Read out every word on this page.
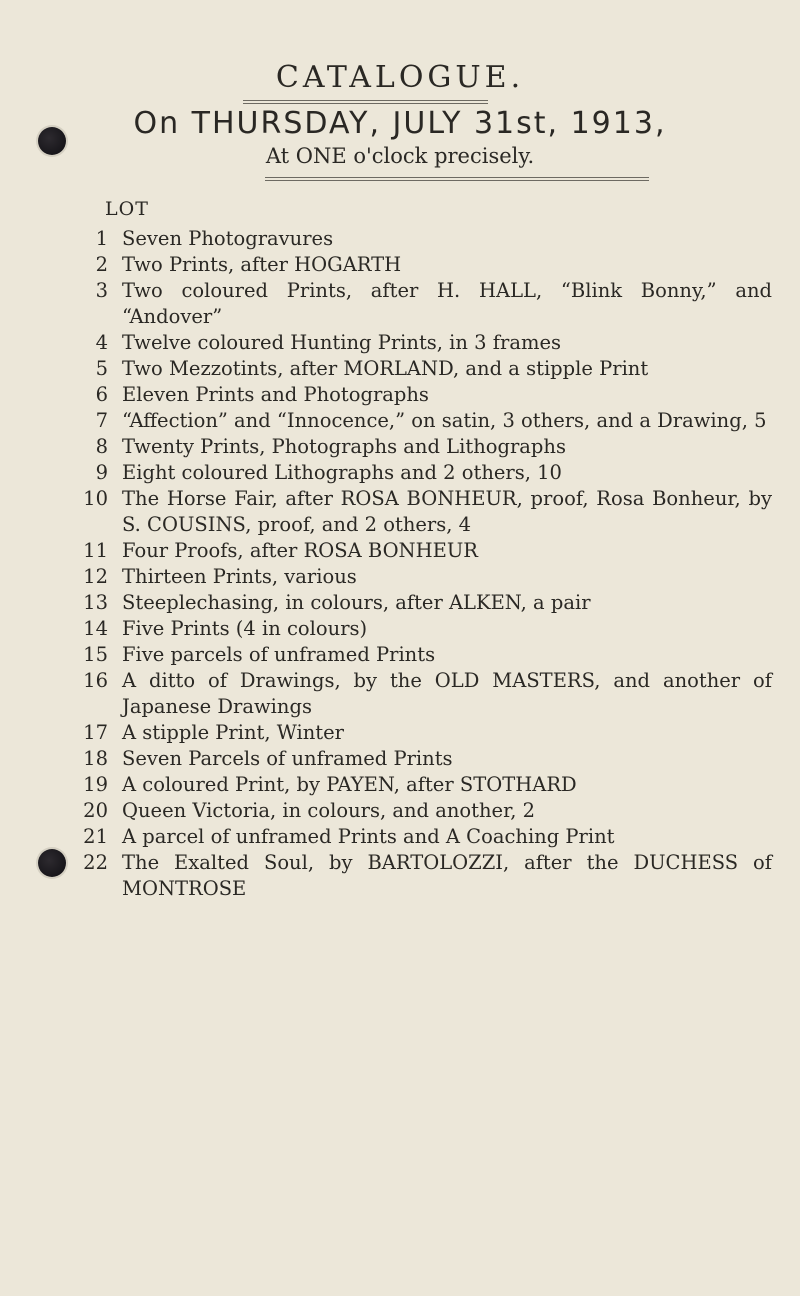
CATALOGUE.
On THURSDAY, JULY 31st, 1913,
At ONE o'clock precisely.
LOT
1 Seven Photogravures
2 Two Prints, after HOGARTH
3 Two coloured Prints, after H. HALL, “Blink Bonny,” and “Andover”
4 Twelve coloured Hunting Prints, in 3 frames
5 Two Mezzotints, after MORLAND, and a stipple Print
6 Eleven Prints and Photographs
7 “Affection” and “Innocence,” on satin, 3 others, and a Drawing, 5
8 Twenty Prints, Photographs and Lithographs
9 Eight coloured Lithographs and 2 others, 10
10 The Horse Fair, after ROSA BONHEUR, proof, Rosa Bonheur, by S. COUSINS, proof, and 2 others, 4
11 Four Proofs, after ROSA BONHEUR
12 Thirteen Prints, various
13 Steeplechasing, in colours, after ALKEN, a pair
14 Five Prints (4 in colours)
15 Five parcels of unframed Prints
16 A ditto of Drawings, by the OLD MASTERS, and another of Japanese Drawings
17 A stipple Print, Winter
18 Seven Parcels of unframed Prints
19 A coloured Print, by PAYEN, after STOTHARD
20 Queen Victoria, in colours, and another, 2
21 A parcel of unframed Prints and A Coaching Print
22 The Exalted Soul, by BARTOLOZZI, after the DUCHESS of MONTROSE
